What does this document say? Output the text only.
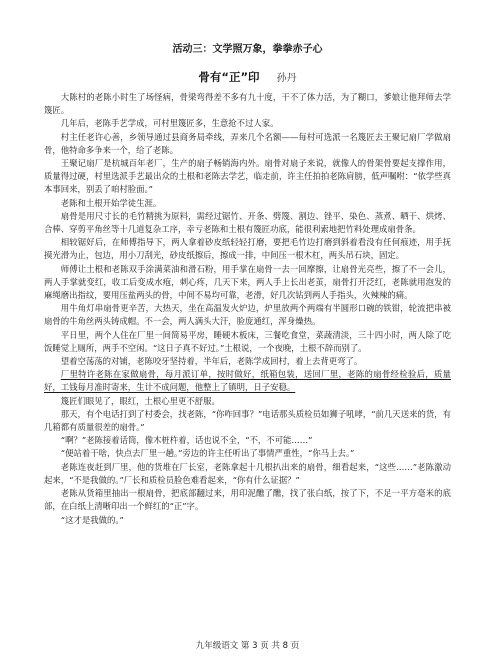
活动三：文学照万象，拳拳赤子心
骨有“正”印 孙丹

大陈村的老陈小时生了场怪病，骨梁弯得差不多有九十度，干不了体力活，为了糊口，爹娘让他拜师去学篾匠。

几年后，老陈手艺学成，可村里篾匠多，生意抢不过人家。

村主任老许心善，乡领导通过县商务局牵线，弄来几个名额——每村可选派一名篾匠去王聚记扇厂学做扇骨，他特命多争来一个，给了老陈。

王聚记扇厂是杭城百年老厂，生产的扇子畅销海内外。扇骨对扇子来说，就像人的骨架骨要起支撑作用，质量得过硬，村里选派手艺最出众的土根和老陈去学艺，临走前，许主任拍拍老陈肩膀，低声嘱咐：“依学些真本事回来，别丢了咱村脸面。”

老陈和土根开始学徒生涯。

扇骨是用尺寸长的毛竹精挑为原料，需经过锯竹、开条、劈篾、割边、锉平、染色、蒸煮、晒干、烘烤、合棒、穿剪平角丝等十几道复杂工序，幸亏老陈和土根有篾匠功底，能很利索地把竹料处理成扇骨条。

相较锯好后，在师傅指导下，两人拿着砂皮纸轻轻打磨，要把毛竹边打磨到斜着看没有任何痕迹，用手抚摸光滑为止，包边，用小刀刮光，砂皮纸擦后，擦成一排，中间压一根木杠，两头吊石块，固定。

师傅让土根和老陈双手涂满菜油和滑石粉，用手掌在扇骨一去一回摩擦，让扇骨光亮些，擦了不一会儿，两人手掌就变红，收工后变成水疱，刺心疼，几天下来，两人手上长出老茧，扇骨打开泛红，老陈就用泡发的麻绳磨出指纹，要用压盐两头的骨，中间不易均可靠，老滑，好几次钻到两人手指头，火辣辣的痛。

用牛角灯串扇骨更辛苦，大热天，坐在高温发火炉边，炉里放两个两端有半圆形口碗的铁钳，轮流把串被扇骨的牛角丝两头铸成帽。不一会，两人满头大汗，脸庞通红，浑身燥热。

平日里，两个人住在厂里一间简易平房，睡硬木板床，三餐吃食堂，菜蔬清淡，三十四小时，两人除了吃饭睡觉上厕所，两手不空闲。“这日子真不好过。”土根说，一个夜晚，土根不辞而别了。

望着空荡荡的对铺，老陈咬牙坚持着，半年后，老陈学成回村，着上去背更弯了。

厂里特许老陈在家做扇骨，每月派订单，按时做好，纸箱包装，送回厂里，老陈的扇骨经检验后，质量好，工钱每月准时寄来，生计不成问题，他整上了镇明，日子安稳。

篾匠们眼见了，眼红，土根心里更不舒服。

那天，有个电话打到了村委会，找老陈，“你咋回事？”电话那头质检员如狮子吼哮，“前几天送来的货，有几箱都有质量很差的扇骨。”

“啊？”老陈接着话筒，像木桩杵着，话也说不全，“不，不可能……”

“便站着干啥，快点去厂里一趟。”旁边的许主任听出了事情严重性，“你马上去。”

老陈连夜赶到厂里，他的货堆在厂长室，老陈拿起十几根扒出来的扇骨，细看起来，“这些……”老陈激动起来，“不是我做的。”厂长和质检员脸色难看起来，“你有什么证据？”

老陈从货箱里抽出一根扇骨，把底部翻过来，用印泥醮了醮，找了张白纸，按了下，不足一平方毫米的底部，在白纸上清晰印出一个鲜红的“正”字。

“这才是我做的。”

九年级语文 第 3 页 共 8 页
